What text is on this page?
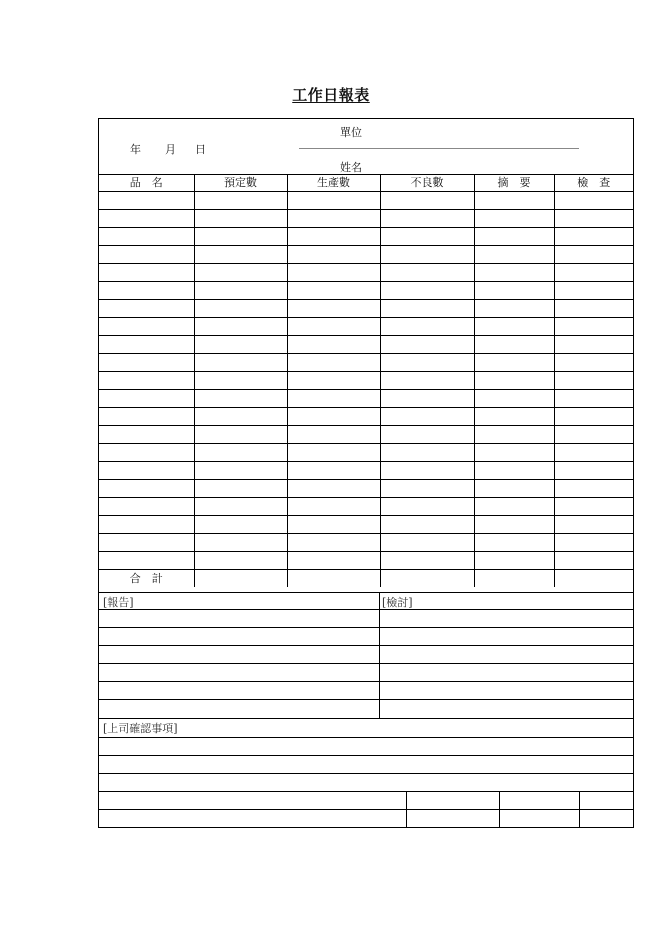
工作日報表
年 月 日
單位
姓名
品　名	預定數	生產數	不良數	摘　要	檢　查

合　計					
[報告]	[檢討]
[上司確認事項]
